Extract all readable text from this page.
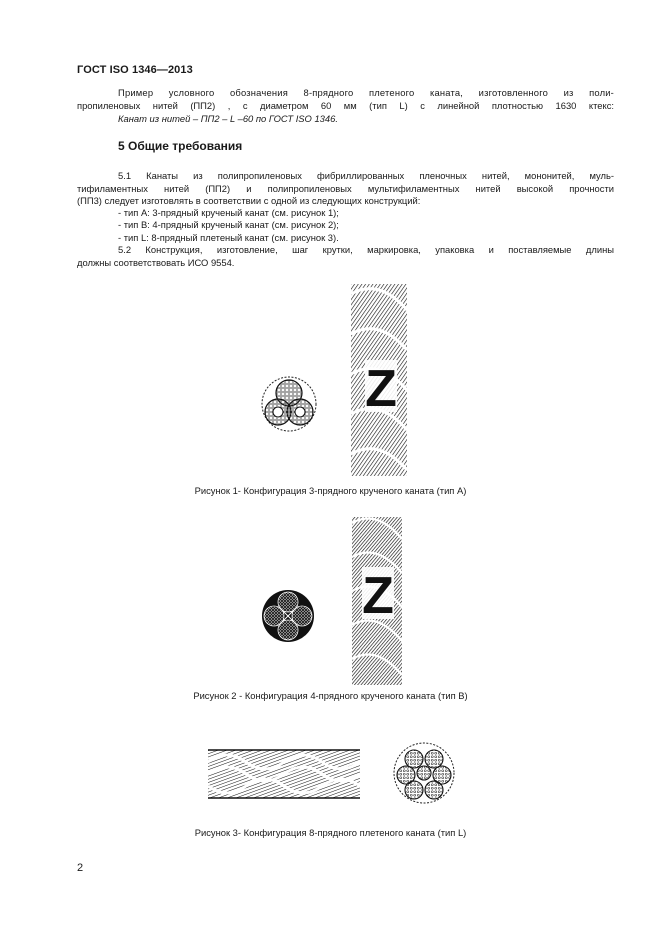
ГОСТ ISO 1346—2013

Пример условного обозначения 8-прядного плетеного каната, изготовленного из поли-

пропиленовых нитей (ПП2) , с диаметром 60 мм (тип L) с линейной плотностью 1630 ктекс:

Канат из нитей – ПП2 – L –60 по ГОСТ ISO 1346.

5 Общие требования

5.1 Канаты из полипропиленовых фибриллированных пленочных нитей, мононитей, муль-

тифиламентных нитей (ПП2) и полипропиленовых мультифиламентных нитей высокой прочности

(ПП3) следует изготовлять в соответствии с одной из следующих конструкций:

- тип А: 3-прядный крученый канат (см. рисунок 1);

- тип В: 4-прядный крученый канат (см. рисунок 2);

- тип L: 8-прядный плетеный канат (см. рисунок 3).

5.2 Конструкция, изготовление, шаг крутки, маркировка, упаковка и поставляемые длины

должны соответствовать ИСО 9554.

Z
Рисунок 1- Конфигурация 3-прядного крученого каната (тип А)
Z
Рисунок 2 - Конфигурация 4-прядного крученого каната (тип В)
Рисунок 3- Конфигурация 8-прядного плетеного каната (тип L)
2
